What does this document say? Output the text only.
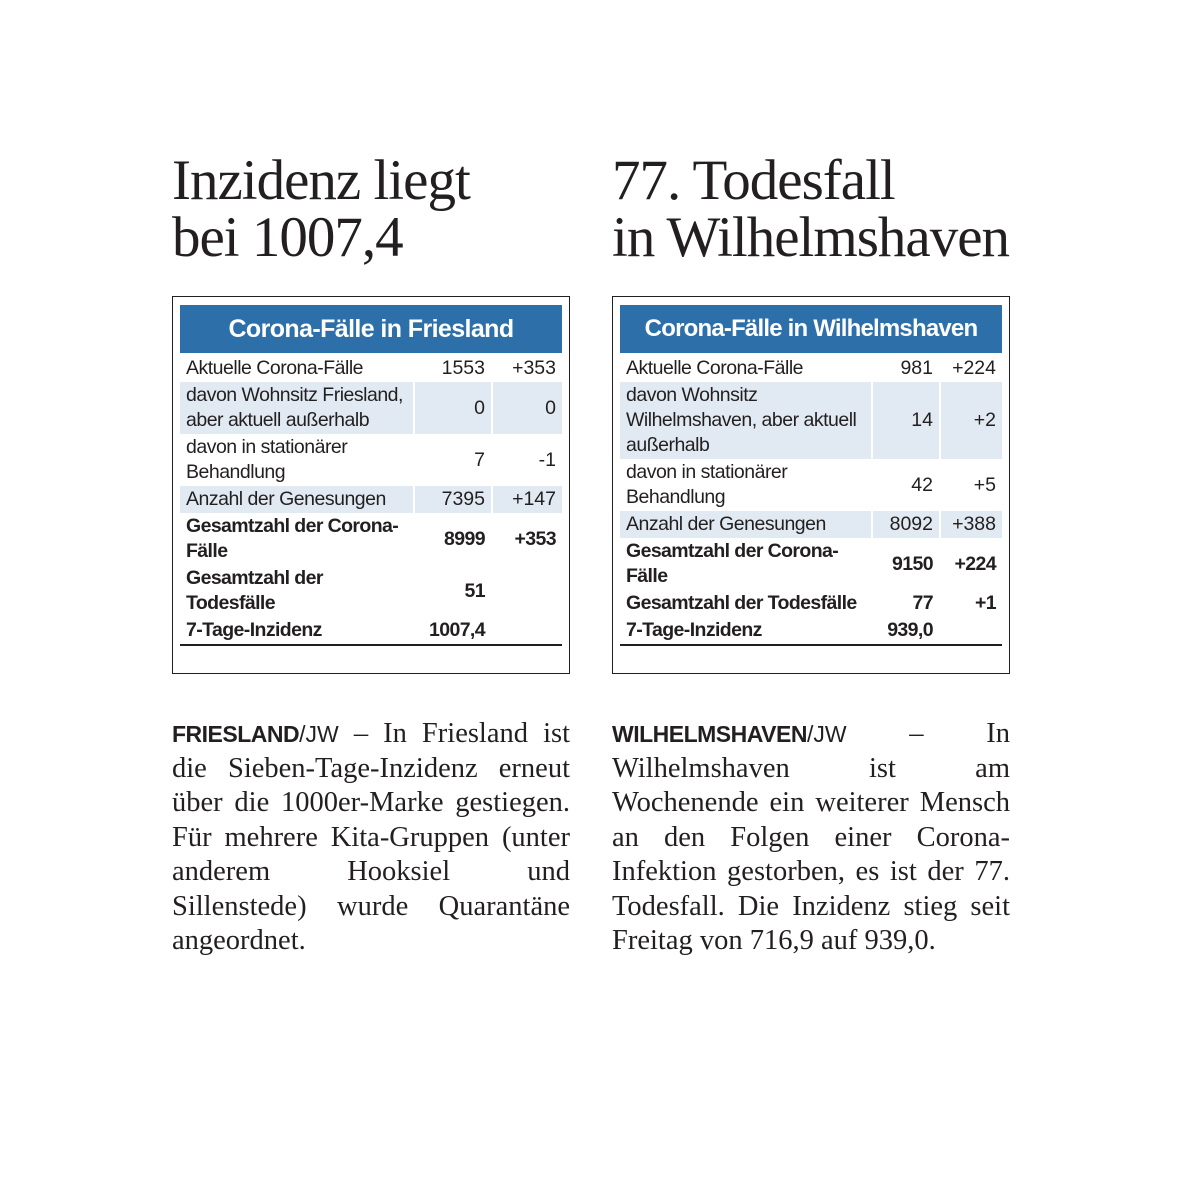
Inzidenz liegt
bei 1007,4
Corona-Fälle in Friesland
Aktuelle Corona-Fälle	1553	+353
davon Wohnsitz Friesland, aber aktuell außerhalb	0	0
davon in stationärer Behandlung	7	-1
Anzahl der Genesungen	7395	+147
Gesamtzahl der Corona-Fälle	8999	+353
Gesamtzahl der Todesfälle	51	
7-Tage-Inzidenz	1007,4	

FRIESLAND/JW – In Friesland ist die Sieben-Tage-Inzidenz erneut über die 1000er-Marke gestiegen. Für mehrere Kita-Gruppen (unter anderem Hooksiel und Sillenstede) wurde Quarantäne angeordnet.

77. Todesfall
in Wilhelmshaven
Corona-Fälle in Wilhelmshaven
Aktuelle Corona-Fälle	981	+224
davon Wohnsitz Wilhelmshaven, aber aktuell außerhalb	14	+2
davon in stationärer Behandlung	42	+5
Anzahl der Genesungen	8092	+388
Gesamtzahl der Corona-Fälle	9150	+224
Gesamtzahl der Todesfälle	77	+1
7-Tage-Inzidenz	939,0	

WILHELMSHAVEN/JW – In Wilhelmshaven ist am Wochenende ein weiterer Mensch an den Folgen einer Corona-Infektion gestorben, es ist der 77. Todesfall. Die Inzidenz stieg seit Freitag von 716,9 auf 939,0.
